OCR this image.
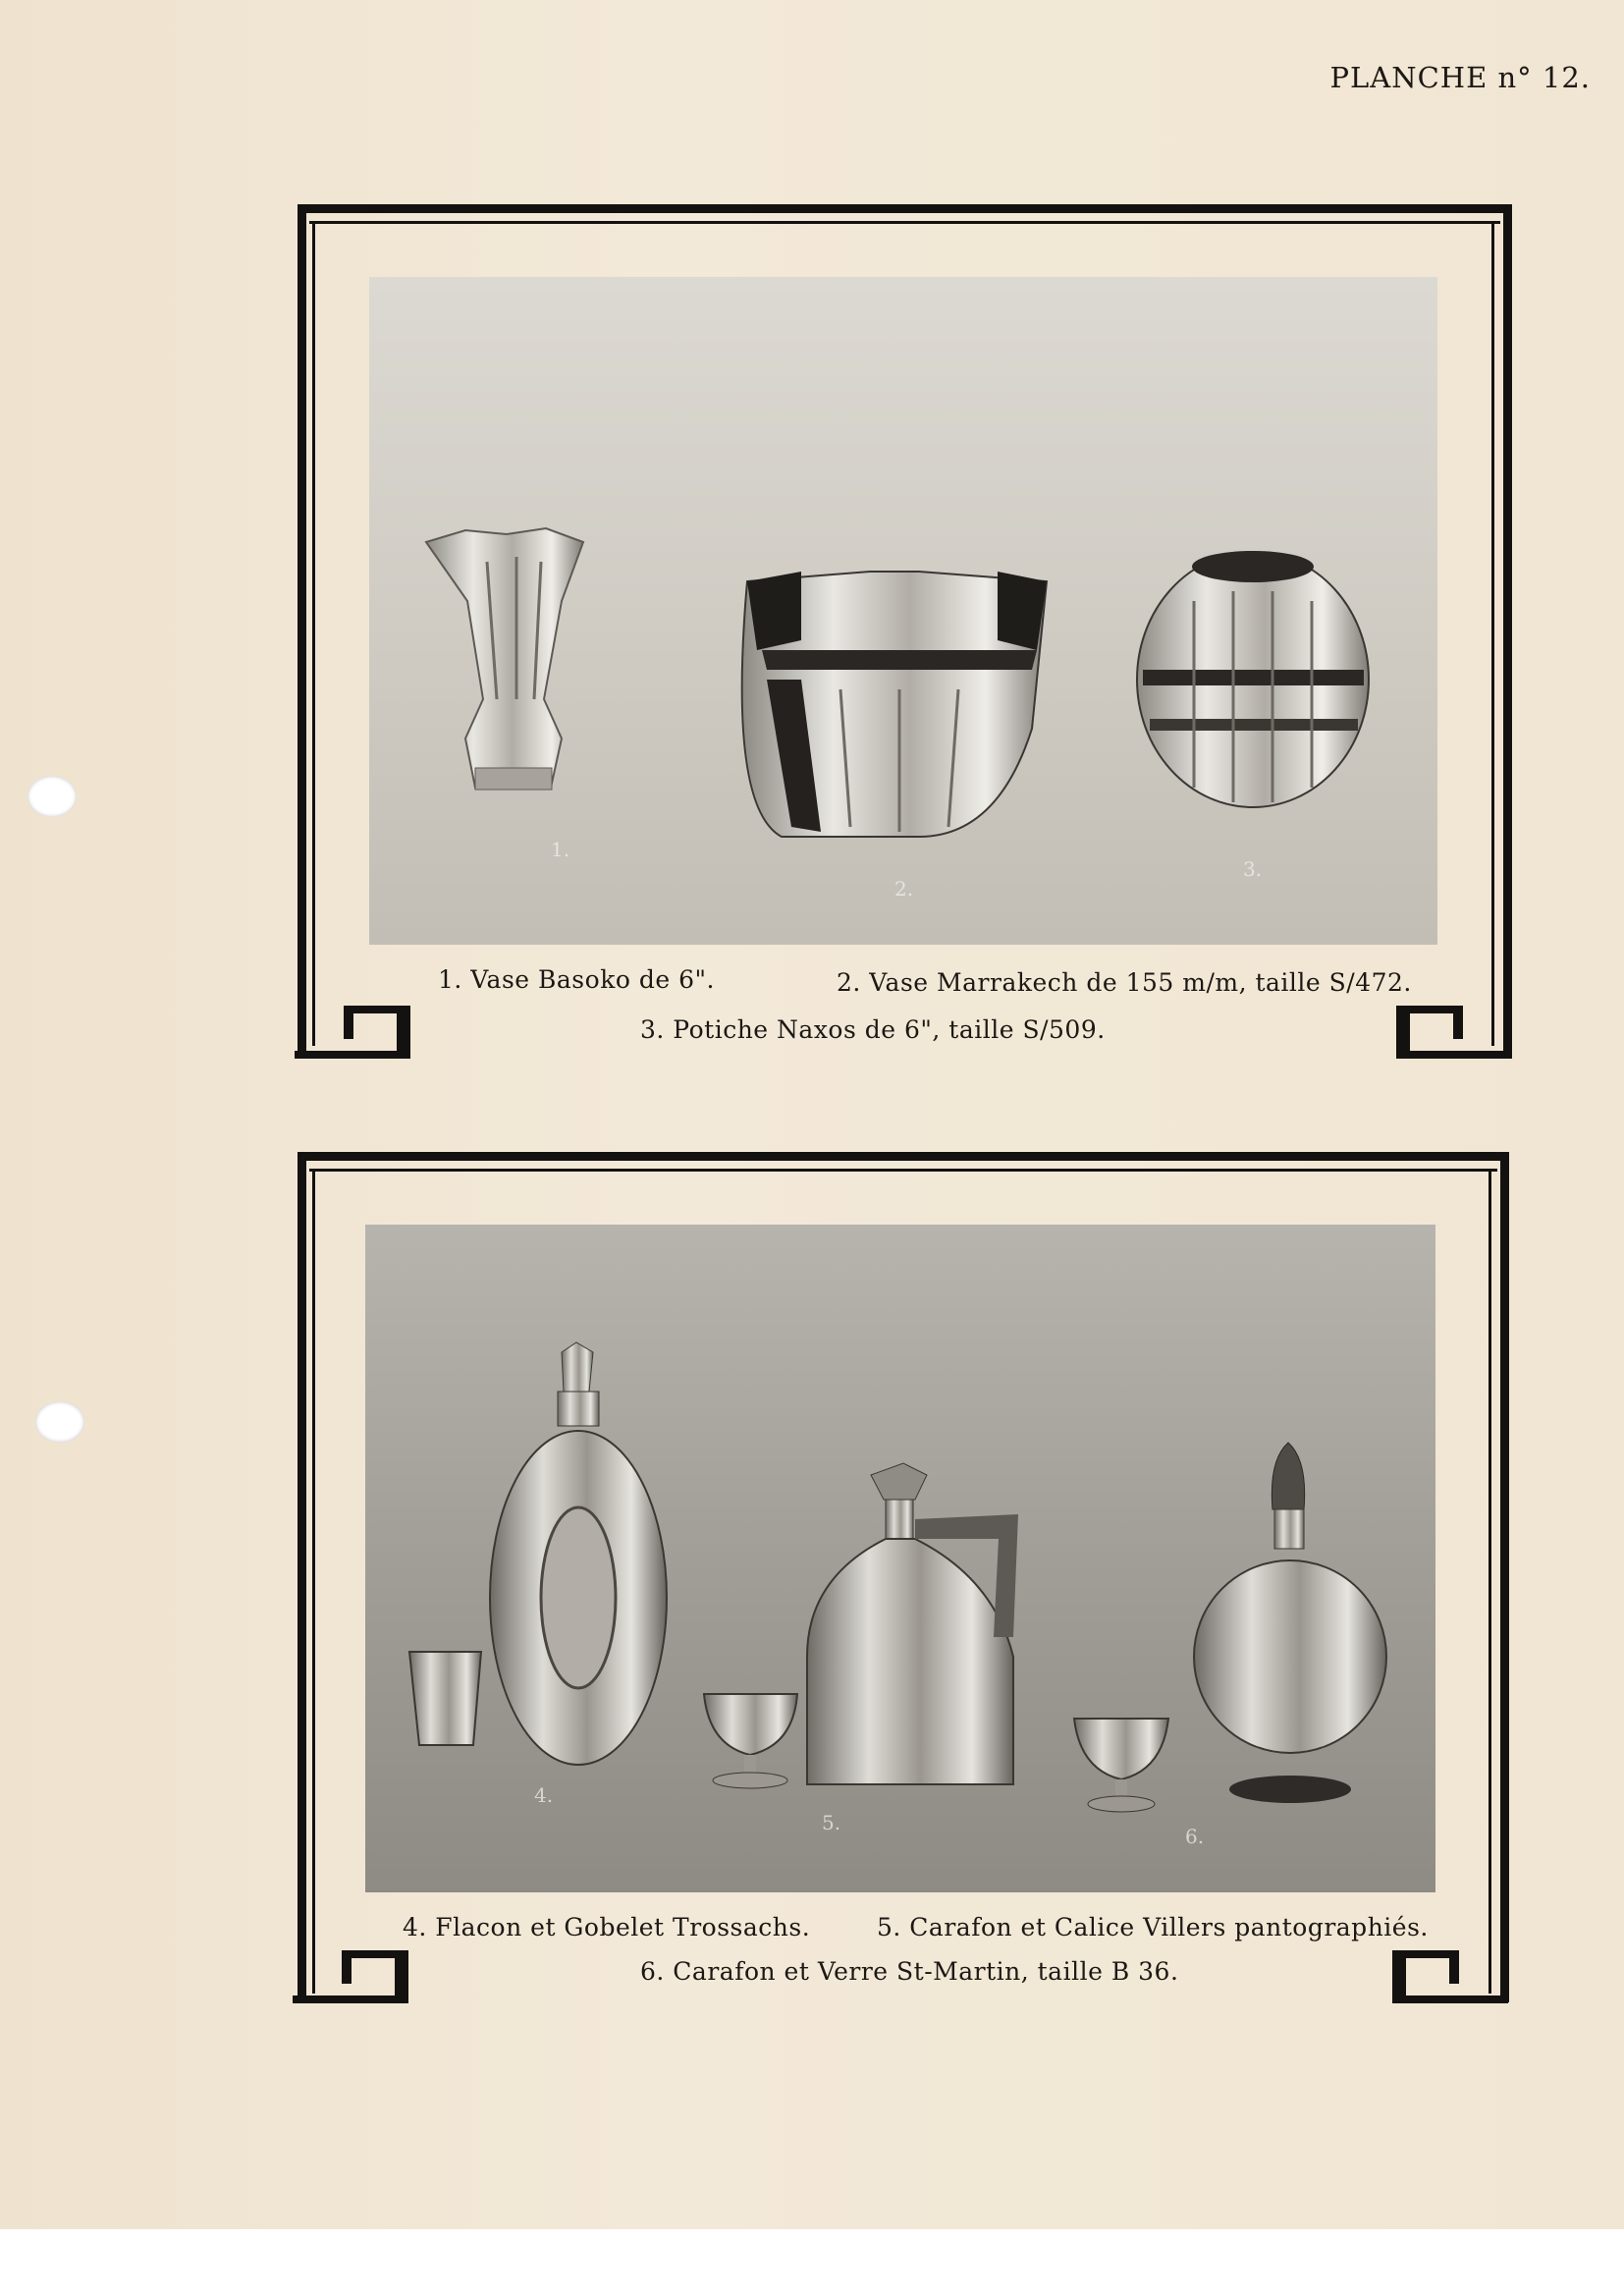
PLANCHE n° 12.
1.
2.
3.
1. Vase Basoko de 6".	2. Vase Marrakech de 155 m/m, taille S/472.
3. Potiche Naxos de 6", taille S/509.
4.
5.
6.
4. Flacon et Gobelet Trossachs.	5. Carafon et Calice Villers pantographiés.
6. Carafon et Verre St-Martin, taille B 36.
